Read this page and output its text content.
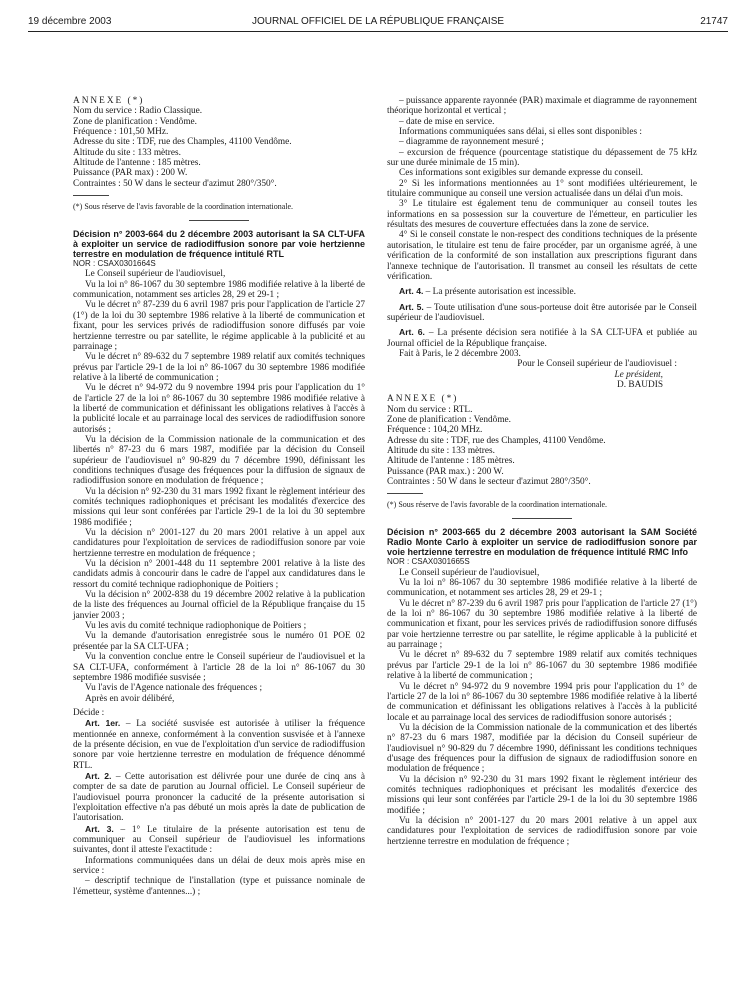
19 décembre 2003	JOURNAL OFFICIEL DE LA RÉPUBLIQUE FRANÇAISE	21747

ANNEXE (*)

Nom du service : Radio Classique.

Zone de planification : Vendôme.

Fréquence : 101,50 MHz.

Adresse du site : TDF, rue des Champles, 41100 Vendôme.

Altitude du site : 133 mètres.

Altitude de l'antenne : 185 mètres.

Puissance (PAR max) : 200 W.

Contraintes : 50 W dans le secteur d'azimut 280°/350°.

(*) Sous réserve de l'avis favorable de la coordination internationale.

Décision n° 2003-664 du 2 décembre 2003 autorisant la SA CLT-UFA à exploiter un service de radiodiffusion sonore par voie hertzienne terrestre en modulation de fréquence intitulé RTL

NOR : CSAX0301664S

Le Conseil supérieur de l'audiovisuel,

Vu la loi n° 86-1067 du 30 septembre 1986 modifiée relative à la liberté de communication, notamment ses articles 28, 29 et 29-1 ;

Vu le décret n° 87-239 du 6 avril 1987 pris pour l'application de l'article 27 (1°) de la loi du 30 septembre 1986 relative à la liberté de communication et fixant, pour les services privés de radiodiffusion sonore diffusés par voie hertzienne terrestre ou par satellite, le régime applicable à la publicité et au parrainage ;

Vu le décret n° 89-632 du 7 septembre 1989 relatif aux comités techniques prévus par l'article 29-1 de la loi n° 86-1067 du 30 septembre 1986 modifiée relative à la liberté de communication ;

Vu le décret n° 94-972 du 9 novembre 1994 pris pour l'application du 1° de l'article 27 de la loi n° 86-1067 du 30 septembre 1986 modifiée relative à la liberté de communication et définissant les obligations relatives à l'accès à la publicité locale et au parrainage local des services de radiodiffusion sonore autorisés ;

Vu la décision de la Commission nationale de la communication et des libertés n° 87-23 du 6 mars 1987, modifiée par la décision du Conseil supérieur de l'audiovisuel n° 90-829 du 7 décembre 1990, définissant les conditions techniques d'usage des fréquences pour la diffusion de signaux de radiodiffusion sonore en modulation de fréquence ;

Vu la décision n° 92-230 du 31 mars 1992 fixant le règlement intérieur des comités techniques radiophoniques et précisant les modalités d'exercice des missions qui leur sont conférées par l'article 29-1 de la loi du 30 septembre 1986 modifiée ;

Vu la décision n° 2001-127 du 20 mars 2001 relative à un appel aux candidatures pour l'exploitation de services de radiodiffusion sonore par voie hertzienne terrestre en modulation de fréquence ;

Vu la décision n° 2001-448 du 11 septembre 2001 relative à la liste des candidats admis à concourir dans le cadre de l'appel aux candidatures dans le ressort du comité technique radiophonique de Poitiers ;

Vu la décision n° 2002-838 du 19 décembre 2002 relative à la publication de la liste des fréquences au Journal officiel de la République française du 15 janvier 2003 ;

Vu les avis du comité technique radiophonique de Poitiers ;

Vu la demande d'autorisation enregistrée sous le numéro 01 POE 02 présentée par la SA CLT-UFA ;

Vu la convention conclue entre le Conseil supérieur de l'audiovisuel et la SA CLT-UFA, conformément à l'article 28 de la loi n° 86-1067 du 30 septembre 1986 modifiée susvisée ;

Vu l'avis de l'Agence nationale des fréquences ;

Après en avoir délibéré,

Décide :

Art. 1er. – La société susvisée est autorisée à utiliser la fréquence mentionnée en annexe, conformément à la convention susvisée et à l'annexe de la présente décision, en vue de l'exploitation d'un service de radiodiffusion sonore par voie hertzienne terrestre en modulation de fréquence dénommé RTL.

Art. 2. – Cette autorisation est délivrée pour une durée de cinq ans à compter de sa date de parution au Journal officiel. Le Conseil supérieur de l'audiovisuel pourra prononcer la caducité de la présente autorisation si l'exploitation effective n'a pas débuté un mois après la date de publication de l'autorisation.

Art. 3. – 1° Le titulaire de la présente autorisation est tenu de communiquer au Conseil supérieur de l'audiovisuel les informations suivantes, dont il atteste l'exactitude :

Informations communiquées dans un délai de deux mois après mise en service :

– descriptif technique de l'installation (type et puissance nominale de l'émetteur, système d'antennes...) ;

– puissance apparente rayonnée (PAR) maximale et diagramme de rayonnement théorique horizontal et vertical ;

– date de mise en service.

Informations communiquées sans délai, si elles sont disponibles :

– diagramme de rayonnement mesuré ;

– excursion de fréquence (pourcentage statistique du dépassement de 75 kHz sur une durée minimale de 15 min).

Ces informations sont exigibles sur demande expresse du conseil.

2° Si les informations mentionnées au 1° sont modifiées ultérieurement, le titulaire communique au conseil une version actualisée dans un délai d'un mois.

3° Le titulaire est également tenu de communiquer au conseil toutes les informations en sa possession sur la couverture de l'émetteur, en particulier les résultats des mesures de couverture effectuées dans la zone de service.

4° Si le conseil constate le non-respect des conditions techniques de la présente autorisation, le titulaire est tenu de faire procéder, par un organisme agréé, à une vérification de la conformité de son installation aux prescriptions figurant dans l'annexe technique de l'autorisation. Il transmet au conseil les résultats de cette vérification.

Art. 4. – La présente autorisation est incessible.

Art. 5. – Toute utilisation d'une sous-porteuse doit être autorisée par le Conseil supérieur de l'audiovisuel.

Art. 6. – La présente décision sera notifiée à la SA CLT-UFA et publiée au Journal officiel de la République française.

Fait à Paris, le 2 décembre 2003.

Pour le Conseil supérieur de l'audiovisuel :

Le président,

D. BAUDIS

ANNEXE (*)

Nom du service : RTL.

Zone de planification : Vendôme.

Fréquence : 104,20 MHz.

Adresse du site : TDF, rue des Champles, 41100 Vendôme.

Altitude du site : 133 mètres.

Altitude de l'antenne : 185 mètres.

Puissance (PAR max.) : 200 W.

Contraintes : 50 W dans le secteur d'azimut 280°/350°.

(*) Sous réserve de l'avis favorable de la coordination internationale.

Décision n° 2003-665 du 2 décembre 2003 autorisant la SAM Société Radio Monte Carlo à exploiter un service de radiodiffusion sonore par voie hertzienne terrestre en modulation de fréquence intitulé RMC Info

NOR : CSAX0301665S

Le Conseil supérieur de l'audiovisuel,

Vu la loi n° 86-1067 du 30 septembre 1986 modifiée relative à la liberté de communication, et notamment ses articles 28, 29 et 29-1 ;

Vu le décret n° 87-239 du 6 avril 1987 pris pour l'application de l'article 27 (1°) de la loi n° 86-1067 du 30 septembre 1986 modifiée relative à la liberté de communication et fixant, pour les services privés de radiodiffusion sonore diffusés par voie hertzienne terrestre ou par satellite, le régime applicable à la publicité et au parrainage ;

Vu le décret n° 89-632 du 7 septembre 1989 relatif aux comités techniques prévus par l'article 29-1 de la loi n° 86-1067 du 30 septembre 1986 modifiée relative à la liberté de communication ;

Vu le décret n° 94-972 du 9 novembre 1994 pris pour l'application du 1° de l'article 27 de la loi n° 86-1067 du 30 septembre 1986 modifiée relative à la liberté de communication et définissant les obligations relatives à l'accès à la publicité locale et au parrainage local des services de radiodiffusion sonore autorisés ;

Vu la décision de la Commission nationale de la communication et des libertés n° 87-23 du 6 mars 1987, modifiée par la décision du Conseil supérieur de l'audiovisuel n° 90-829 du 7 décembre 1990, définissant les conditions techniques d'usage des fréquences pour la diffusion de signaux de radiodiffusion sonore en modulation de fréquence ;

Vu la décision n° 92-230 du 31 mars 1992 fixant le règlement intérieur des comités techniques radiophoniques et précisant les modalités d'exercice des missions qui leur sont conférées par l'article 29-1 de la loi du 30 septembre 1986 modifiée ;

Vu la décision n° 2001-127 du 20 mars 2001 relative à un appel aux candidatures pour l'exploitation de services de radiodiffusion sonore par voie hertzienne terrestre en modulation de fréquence ;
